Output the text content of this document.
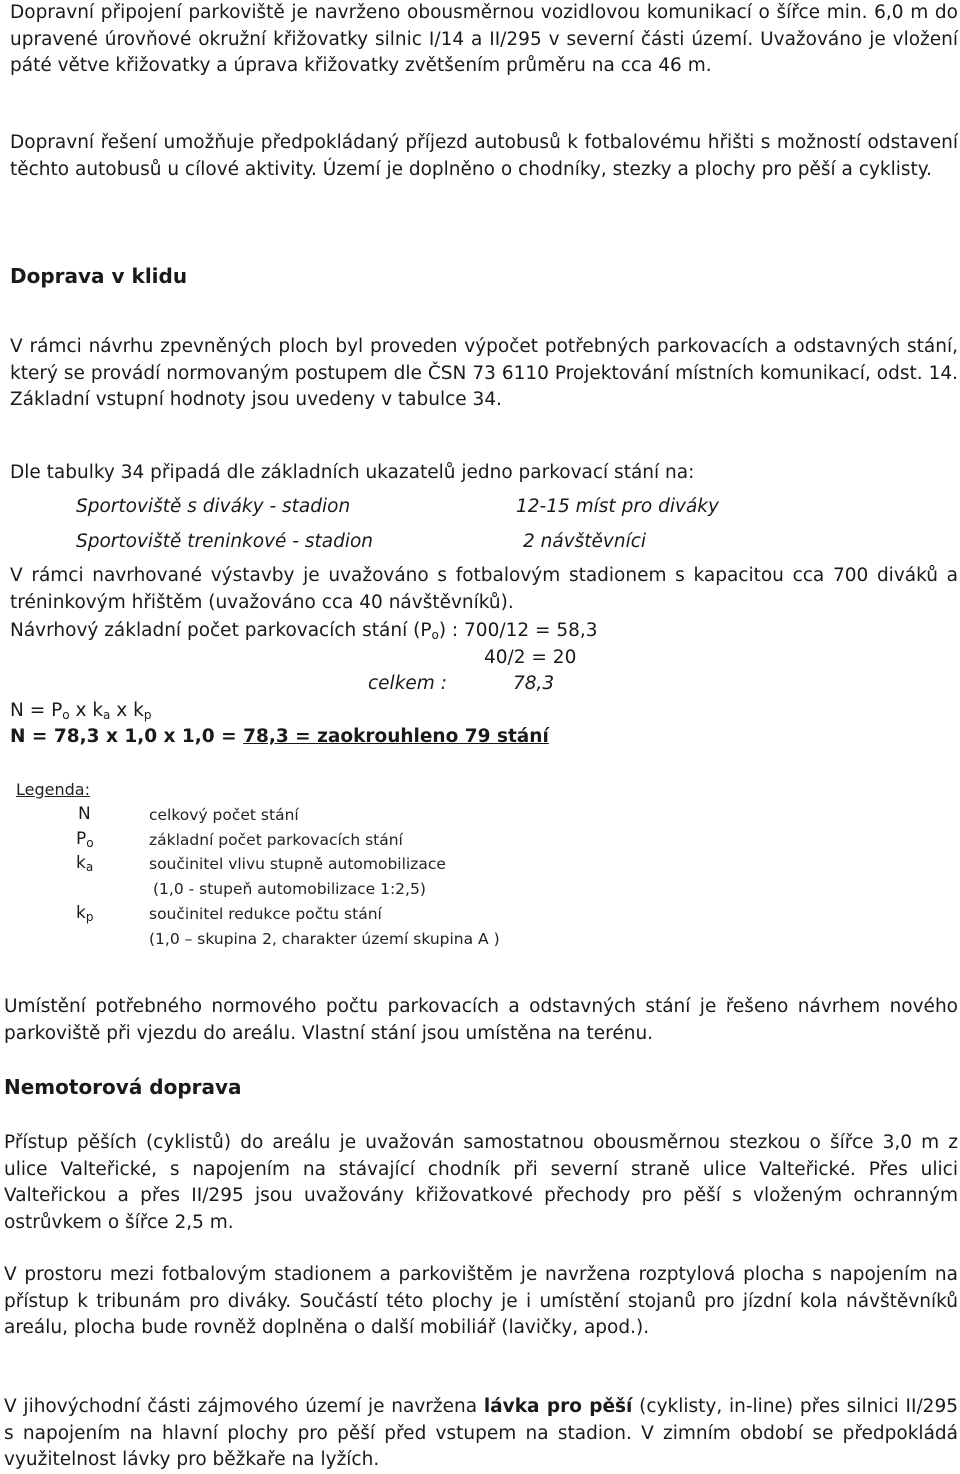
Dopravní připojení parkoviště je navrženo obousměrnou vozidlovou komunikací o šířce min. 6,0 m do upravené úrovňové okružní křižovatky silnic I/14 a II/295 v severní části území. Uvažováno je vložení páté větve křižovatky a úprava křižovatky zvětšením průměru na cca 46 m.

Dopravní řešení umožňuje předpokládaný příjezd autobusů k fotbalovému hřišti s možností odstavení těchto autobusů u cílové aktivity. Území je doplněno o chodníky, stezky a plochy pro pěší a cyklisty.

Doprava v klidu

V rámci návrhu zpevněných ploch byl proveden výpočet potřebných parkovacích a odstavných stání, který se provádí normovaným postupem dle ČSN 73 6110 Projektování místních komunikací, odst. 14. Základní vstupní hodnoty jsou uvedeny v tabulce 34.

Dle tabulky 34 připadá dle základních ukazatelů jedno parkovací stání na:
Sportoviště s diváky - stadion	12-15 míst pro diváky
Sportoviště treninkové - stadion	2 návštěvníci

V rámci navrhované výstavby je uvažováno s fotbalovým stadionem s kapacitou cca 700 diváků a tréninkovým hřištěm (uvažováno cca 40 návštěvníků).

Návrhový základní počet parkovacích stání $(P_o)$ : 700/12 = 58,3
40/2 = 20
celkem :	78,3
$N = P_o$ x $k_a$ x $k_p$
N = 78,3 x 1,0 x 1,0 = 78,3 = zaokrouhleno 79 stání
Legenda:
N	celkový počet stání
$P_o$	základní počet parkovacích stání
$k_a$	součinitel vlivu stupně automobilizace
(1,0 - stupeň automobilizace 1:2,5)
$k_p$	součinitel redukce počtu stání
(1,0 – skupina 2, charakter území skupina A )

Umístění potřebného normového počtu parkovacích a odstavných stání je řešeno návrhem nového parkoviště při vjezdu do areálu. Vlastní stání jsou umístěna na terénu.

Nemotorová doprava

Přístup pěších (cyklistů) do areálu je uvažován samostatnou obousměrnou stezkou o šířce 3,0 m z ulice Valteřické, s napojením na stávající chodník při severní straně ulice Valteřické. Přes ulici Valteřickou a přes II/295 jsou uvažovány křižovatkové přechody pro pěší s vloženým ochranným ostrůvkem o šířce 2,5 m.

V prostoru mezi fotbalovým stadionem a parkovištěm je navržena rozptylová plocha s napojením na přístup k tribunám pro diváky. Součástí této plochy je i umístění stojanů pro jízdní kola návštěvníků areálu, plocha bude rovněž doplněna o další mobiliář (lavičky, apod.).

V jihovýchodní části zájmového území je navržena lávka pro pěší (cyklisty, in-line) přes silnici II/295 s napojením na hlavní plochy pro pěší před vstupem na stadion. V zimním období se předpokládá využitelnost lávky pro běžkaře na lyžích.
